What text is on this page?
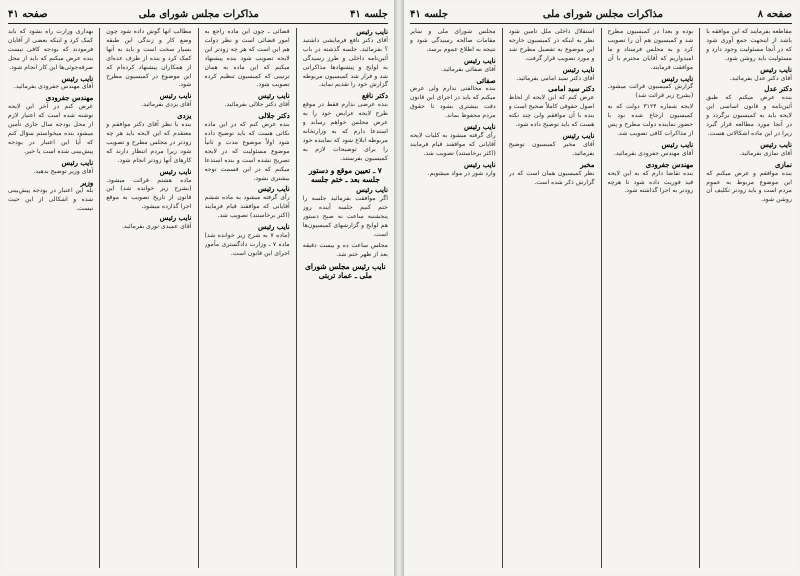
جلسه ۴۱
مذاکرات مجلس شورای ملی
صفحه ۴۱
نایب رئیس

آقای دکتر نافع فرمایشی داشتید ؟ بفرمائید. جلسه گذشته در باب آئین‌نامه داخلی و طرز رسیدگی به لوایح و پیشنهادها مذاکراتی شد و قرار شد کمیسیون مربوطه گزارش خود را تقدیم نماید.

دکتر نافع

بنده عرضی ندارم فقط در موقع طرح لایحه عرایض خود را به عرض مجلس خواهم رساند و استدعا دارم که به وزارتخانه مربوطه ابلاغ شود که نماینده خود را برای توضیحات لازم به کمیسیون بفرستند.

۷ ـ تعیین موقع و دستور جلسه بعد ـ ختم جلسه
نایب رئیس

اگر موافقت بفرمائید جلسه را ختم کنیم جلسه آینده روز پنجشنبه ساعت نه صبح دستور هم لوایح و گزارشهای کمیسیون‌ها است.

مجلس ساعت ده و بیست دقیقه بعد از ظهر ختم شد.

نایب رئیس مجلس شورای ملی ـ عماد تربتی

قضائی ـ چون این ماده راجع به امور قضائی است و نظر دولت هم این است که هر چه زودتر این لایحه تصویب شود بنده پیشنهاد میکنم که این ماده به همان ترتیبی که کمیسیون تنظیم کرده تصویب شود.

نایب رئیس

آقای دکتر جلالی بفرمائید.

دکتر جلالی

بنده عرض کنم که در این ماده نکاتی هست که باید توضیح داده شود اولاً موضوع مدت و ثانیاً موضوع مسئولیت که در لایحه تصریح نشده است و بنده استدعا میکنم که در این قسمت توجه بیشتری بشود.

نایب رئیس

رأی گرفته میشود به ماده ششم آقایانی که موافقند قیام فرمایند (اکثر برخاستند) تصویب شد.

نایب رئیس

(ماده ۷ به شرح زیر خوانده شد) ماده ۷ ـ وزارت دادگستری مأمور اجرای این قانون است.

مطالب آنها گوش داده شود چون وضع کار و زندگی این طبقه بسیار سخت است و باید به آنها کمک کرد و بنده از طرف عده‌ای از همکاران پیشنهاد کرده‌ام که این موضوع در کمیسیون مطرح شود.

نایب رئیس

آقای یزدی بفرمائید.

یزدی

بنده با نظر آقای دکتر موافقم و معتقدم که این لایحه باید هر چه زودتر در مجلس مطرح و تصویب شود زیرا مردم انتظار دارند که کارهای آنها زودتر انجام شود.

نایب رئیس

ماده هشتم قرائت میشود. (بشرح زیر خوانده شد) این قانون از تاریخ تصویب به موقع اجرا گذارده میشود.

نایب رئیس

آقای عمیدی نوری بفرمائید.

بهداری وزارت راه بشود که باید کمک کرد و اینکه بعضی از آقایان فرمودند که بودجه کافی نیست بنده عرض میکنم که باید از محل صرفه‌جوئی‌ها این کار انجام شود.

نایب رئیس

آقای مهندس جفرودی بفرمائید.

مهندس جفرودی

عرض کنم در آخر این لایحه نوشته شده است که اعتبار لازم از محل بودجه سال جاری تأمین میشود بنده میخواستم سؤال کنم که آیا این اعتبار در بودجه پیش‌بینی شده است یا خیر.

نایب رئیس

آقای وزیر توضیح بدهید.

وزیر

بله این اعتبار در بودجه پیش‌بینی شده و اشکالی از این حیث نیست.

صفحه ۸
مذاکرات مجلس شورای ملی
جلسه ۴۱

مقاطعه بفرمایند که این موافقه با باشد از اینجهت جمع آوری شود که در آنجا مسئولیت وجود دارد و مسئولیت باید روشن شود.

نایب رئیس

آقای دکتر عدل بفرمائید.

دکتر عدل

بنده عرض میکنم که طبق آئین‌نامه و قانون اساسی این لایحه باید به کمیسیون برگردد و در آنجا مورد مطالعه قرار گیرد زیرا در این ماده اشکالاتی هست.

نایب رئیس

آقای نمازی بفرمائید.

نمازی

بنده موافقم و عرض میکنم که این موضوع مربوط به عموم مردم است و باید زودتر تکلیف آن روشن شود.

بوده و بعداً در کمیسیون مطرح شد و کمیسیون هم آن را تصویب کرد و به مجلس فرستاد و ما امیدواریم که آقایان محترم با آن موافقت فرمایند.

نایب رئیس

گزارش کمیسیون قرائت میشود. (بشرح زیر قرائت شد)

لایحه شماره ۳۱۲۴ دولت که به کمیسیون ارجاع شده بود با حضور نماینده دولت مطرح و پس از مذاکرات کافی تصویب شد.

نایب رئیس

آقای مهندس جفرودی بفرمائید.

مهندس جفرودی

بنده تقاضا دارم که به این لایحه قید فوریت داده شود تا هرچه زودتر به اجرا گذاشته شود.

استقلال داخلی ملل تأمین شود نظر به اینکه در کمیسیون خارجه این موضوع به تفصیل مطرح شد و مورد تصویب قرار گرفت.

نایب رئیس

آقای دکتر سید امامی بفرمائید.

دکتر سید امامی

عرض کنم که این لایحه از لحاظ اصول حقوقی کاملاً صحیح است و بنده با آن موافقم ولی چند نکته هست که باید توضیح داده شود.

نایب رئیس

آقای مخبر کمیسیون توضیح بفرمائید.

مخبر

نظر کمیسیون همان است که در گزارش ذکر شده است.

مجلس شورای ملی و سایر مقامات صالحه رسیدگی شود و نتیجه به اطلاع عموم برسد.

نایب رئیس

آقای صفائی بفرمائید.

صفائی

بنده مخالفتی ندارم ولی عرض میکنم که باید در اجرای این قانون دقت بیشتری بشود تا حقوق مردم محفوظ بماند.

نایب رئیس

رأی گرفته میشود به کلیات لایحه آقایانی که موافقند قیام فرمایند (اکثر برخاستند) تصویب شد.

نایب رئیس

وارد شور در مواد میشویم.
